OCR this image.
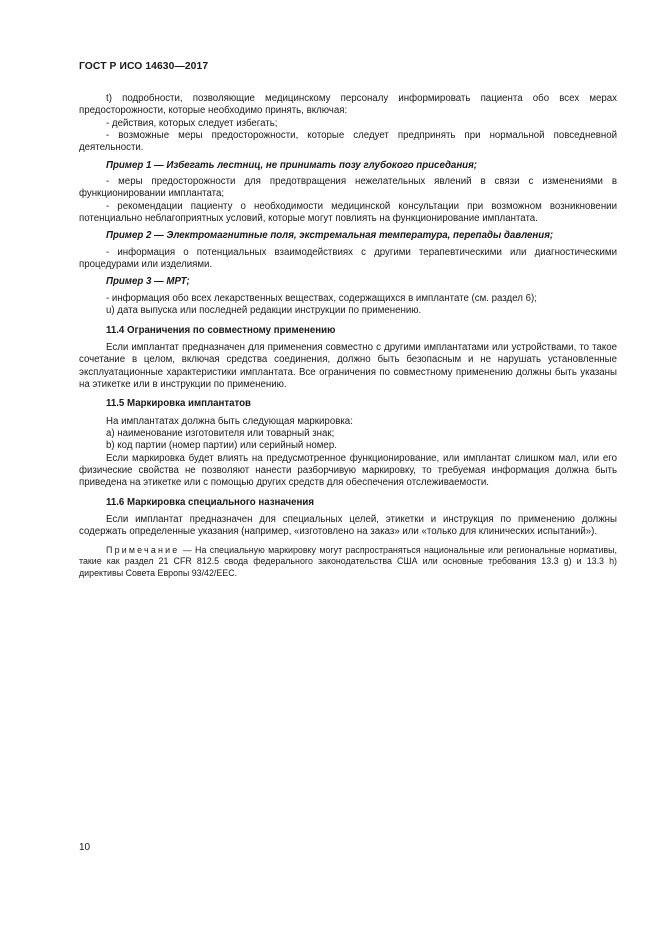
ГОСТ Р ИСО 14630—2017

t) подробности, позволяющие медицинскому персоналу информировать пациента обо всех мерах предосторожности, которые необходимо принять, включая:

- действия, которых следует избегать;

- возможные меры предосторожности, которые следует предпринять при нормальной повседневной деятельности.

Пример 1 — Избегать лестниц, не принимать позу глубокого приседания;

- меры предосторожности для предотвращения нежелательных явлений в связи с изменениями в функционировании имплантата;

- рекомендации пациенту о необходимости медицинской консультации при возможном возникновении потенциально неблагоприятных условий, которые могут повлиять на функционирование имплантата.

Пример 2 — Электромагнитные поля, экстремальная температура, перепады давления;

- информация о потенциальных взаимодействиях с другими терапевтическими или диагностическими процедурами или изделиями.

Пример 3 — МРТ;

- информация обо всех лекарственных веществах, содержащихся в имплантате (см. раздел 6);

u) дата выпуска или последней редакции инструкции по применению.

11.4 Ограничения по совместному применению

Если имплантат предназначен для применения совместно с другими имплантатами или устройствами, то такое сочетание в целом, включая средства соединения, должно быть безопасным и не нарушать установленные эксплуатационные характеристики имплантата. Все ограничения по совместному применению должны быть указаны на этикетке или в инструкции по применению.

11.5 Маркировка имплантатов

На имплантатах должна быть следующая маркировка:

а) наименование изготовителя или товарный знак;

b) код партии (номер партии) или серийный номер.

Если маркировка будет влиять на предусмотренное функционирование, или имплантат слишком мал, или его физические свойства не позволяют нанести разборчивую маркировку, то требуемая информация должна быть приведена на этикетке или с помощью других средств для обеспечения отслеживаемости.

11.6 Маркировка специального назначения

Если имплантат предназначен для специальных целей, этикетки и инструкция по применению должны содержать определенные указания (например, «изготовлено на заказ» или «только для клинических испытаний»).

Примечание — На специальную маркировку могут распространяться национальные или региональные нормативы, такие как раздел 21 CFR 812.5 свода федерального законодательства США или основные требования 13.3 g) и 13.3 h) директивы Совета Европы 93/42/ЕЕС.

10
